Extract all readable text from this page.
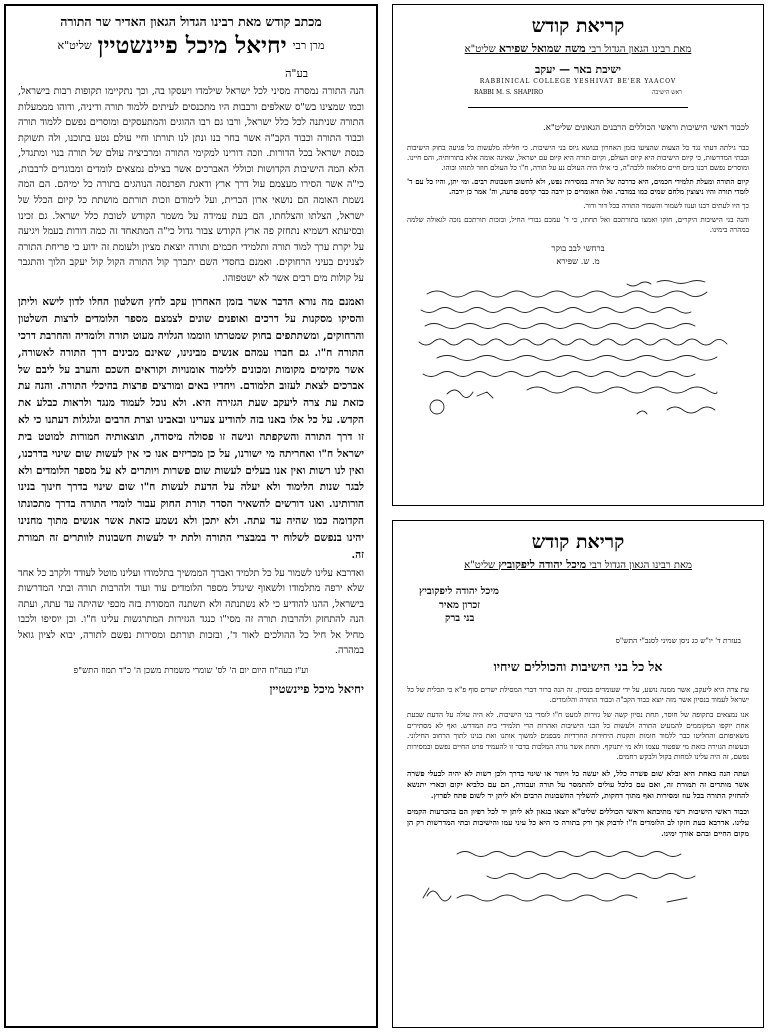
מכתב קודש מאת רבינו הגדול הגאון האדיר שר התורה
מרן רבייחיאל מיכל פיינשטייןשליט"א
בע"ה

הנה התורה נמסרה מסיני לכל ישראל שילמדו ויעסקו בה, וכך נתקיימו תקופות רבות בישראל, וכמו שמצינו בש"ס שאלפים ורבבות היו מתכנסים לעיתים ללמוד תורה ודיניה, ודוהו מממעלות התורה שניתנה לכל כלל ישראל, ורבו גם רבו ההוגים והמתעסקים ומוסרים נפשם ללמוד תורה וכבוד התורה וכבוד הקב"ה אשר בחר בנו ונתן לנו תורתו וחיי עולם נטע בתוכנו, ולה תשוקת כנסת ישראל בכל הדורות. וזכה דורינו למקימי התורה ומרביציה עולם של תורה בנוי ומתגדל, הלא המה הישיבות הקדושות וכוללי האברכים אשר בצילם נמצאים לומדים ומבוגרים לרבבות, כי"ה אשר הסירו מעצמם עול דרך ארץ ודאגת הפרנסה הנוהגים בתורה כל ימיהם. הם המה נשמת האומה הם נושאי ארון הברית, ועל לימודם וזכות תורתם מושתת כל קיום הכלל של ישראל, הצלתו והצלחתו, הם בעת עמידה על משמר הקודש לטובת כלל ישראל. גם זכינו ובסיעתא דשמיא נתחזק פה ארץ הקודש צבור גדול כי"ה המתאחד זה כמה דורות בעמל ויגיעה על יקרת ערך למוד תורה ותלמידי חכמים ותורה יוצאת מציון ולעומת זה ידוע כי פריחת התורה לצנינים בעיני הרחוקים. ואמנם בחסדי השם יתברך קול התורה הקול קול יעקב הלוך והתגבר על קולות מים רבים אשר לא ישטפוהו.

ואמנם מה נורא הדבר אשר בזמן האחרון עקב לחץ השלטון החלו לדון לישא וליתן והסיקו מסקנות על דרכים ואופנים שונים לצמצם מספר הלומדים לרצות השלטון והרחוקים, ומשתתפים בחוק שמטרתו וזוממו הגלויה מעוט תורה ולומדיה והחרבת דרכי התורה ח"ו. גם חברו עמהם אנשים מבינינו, שאינם מבינים דרך התורה לאשורה, אשר מקימים מקומות ומכונים ללימוד אומנויות וקוראים השכם והערב על ליבם של אברכים לצאת לעזוב תלמודם. ויחדיו באים ומורצים פרצות בהיכלי התורה. והנה עת כזאת עת צרה ליעקב שעת הגזירה היא. ולא נוכל לעמוד מנגד ולראות כבלע את הקדש. על כל אלו באנו בזה להודיע צערינו ובאבינו וצרת הרבים וגלגלות דעתנו כי לא זו דרך התורה והשקפתה ונישה זו פסולה מיסודה, תוצאותיה חמורות למוטט בית ישראל ח"ו ואחריתה מי ישורנו, על כן מכריזים אנו כי אין לעשות שום שינוי בדרכנו, ואין לנו רשות ואין אנו בעלים לעשות שום פשרות ויותרים לא על מספר הלומדים ולא לבגר שנות הלימוד ולא יעלה על הדעת לעשות ח"ו שום שינוי בדרך חינוך בנינו הורותינו. ואנו דורשים להשאיר הסדר תורת החוק עבור לומדי התורה בדרך מתכונתו הקדומה כמו שהיה עד עתה. ולא יתכן ולא נשמע כזאת אשר אנשים מתוך מחנינו יהינו בנפשם לשלוח יד במבצרי התורה ולתת יד לעשות חשבונות לוותרים זה תמורת זה.

ואדרבא עלינו לשמור על כל תלמיד ואברך הממשיך בתלמודו ועלינו מוטל לעודד ולקרב כל אחד שלא ירפה מתלמודו ולשאוף שיגדל מספר הלומדים עוד ועוד ולהרבות תורה ובתי המדרשות בישראל, ההנו להודיע כי לא נשתנתה ולא תשתנה המסורת בזה מכפי שהיתה עד עתה, ועתה הנה להתחזק ולהרבות תורה זה מסי"ו כנגד הגזירות המתרגשות עלינו ח"ו. וכן יוסיפו ולכבו מחיל אל חיל כל ההולכים לאור ד', ובזכות תורתם ומסירות נפשם לתורה, יבוא לציון גואל במהרה.

וע"ז בעה"ח היום יום ה' לס' שומרי משמרת משכן ה' כ"ד תמוז התש"פ
יחיאל מיכל פיינשטיין
קריאת קודש
מאת רבינו הגאון הגדול רבי משה שמואל שפירא שליט"א
ישיבת באר — יעקב
RABBINICAL COLLEGE YESHIVAT BE'ER YAACOV
RABBI M. S. SHAPIRO	ראש הישיבה
לכבוד ראשי הישיבות וראשי הכוללים הרבנים הגאונים שליט"א.

כבר גילתה דעתי נגד כל הצעות שהציעו בזמן האחרון בנושא גיוס בני הישיבות. כי חלילה מלעשות כל פגיעה בחוק הישיבות ובבתי המדרשות, כי קיום הישיבות היא קיום העולם, וקיום תורה היא קיום עם ישראל, שאינה אומה אלא בתורותיה, והם חיינו. ומוסרים נפשם רבנו ביום חיים מולאזוז ללכה"ה, כי אילו היה העולם נע על תורה, ח"ו כל העולם חוזר לתוהו ובוהו.

קיום התורה ומעלת תלמידי חכמים, היא כדרכה של תורה במסירות נפש, ולא לחשוב חשבונות רבים. ומי יתן, והיו כל עם ד' לומדי תורה והיו ניצוצין מלחם שמים כמו במדבר. ואלו האומרים כן ירבה כבר קדמם פרעה, וה' אמר כן ירבה.

כך היו לעתים רבנו וענוו לשמור והשמור התורה בכל דור ודור.

והנה בני הישיבות היקרים, חזקו ואמצו בתורתכם ואל תחתו, כי ד' עמכם גבורי החיל, ובזכות תורתכם נזכה לגאולה שלמה במהרה בימינו.

ברחשי לבב בוקר
מ. ש. שפירא
קריאת קודש
מאת רבינו הגאון הגדול רבי מיכל יהודה ליפקוביץ שליט"א
מיכל יהודה ליפקוביץ
זכרון מאיר
בני ברק
בעזרת ד' יו"ש כג ניסן שמיני לסנב"י התש"ס
אל כל בני הישיבות והכוללים שיחיו

עת צרה היא ליעקב, אשר ממנה נושע, על ידי שעומדים בנסיון. זה הנה ברור דברי המסילת ישרים סוף פ"א כי תכלית של כל ישראל לעמוד בנסיון אשר מזה יוצא כבוד הקב"ה וכבוד התורה והלומדים.

אנו נמצאים בתקופה של חוסר, תחת נסיון קשה של גזירות למעט ח"ו לומדי בני הישיבות. לא היה עולה על הדעת שבעת אחת יוקפו המקוממים להמעיט התורה ולעשות כל הבני הישיבות ואהרות הרי תלמידי בית המדרש. ואף לא מסתירים משאיפותם והחליטו כבר ללמוד חומות ותקנות היחידות החרדיות מבפנים למשוך אותנו ואת בנינו לתוך הרחוב החילוני. ובעשות הגזירה כזאת מי שפטור עצמו ולא מי יתנוקף. ותחת אשר גזרה המלכות בדבר זו להעמיד פרט החיים נפשם ובמסירות נפשם, זה היה עלינו למחות בקול ולבקש רחמים.

ועתה הנה באחת היא ובלא שום פשרה כלל, לא יעשה כל ויתור או שינוי בדרך ולכן רשות לא יהיה לבעלי פשרה אשר מותרים זה תמורת זה, ואם עם כלכל עולים להתמסר על תורה ועבודה, הם עם כלביא יקום וכארי יתנשא להחזיק התורה בכל עוז ומסירות ואף מתוך דחקות, להשליך החשבונות הרבים ולא ליתן יד לשום פתח לפרוץ.

וכבוד ראשי הישיבות רשי מתיבתא וראשי הכוללים שליט"א יוצאו בגאון לא ליתן יד לכל רפיון הם בהכרעות הקמים עלינו. אדרבא כעת חזקו לב הלומדים ח"ו לדבוק אך ורק בתורה כי היא כל עיני עמו והישיבות ובתי המדרשות רק הן מקום החיים ובהם אורך ימינו.
